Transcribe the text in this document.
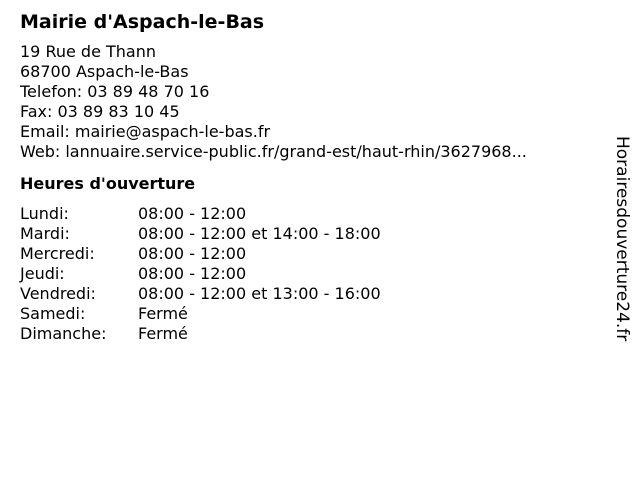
Mairie d'Aspach-le-Bas
19 Rue de Thann
68700 Aspach-le-Bas
Telefon: 03 89 48 70 16
Fax: 03 89 83 10 45
Email: mairie@aspach-le-bas.fr
Web: lannuaire.service-public.fr/grand-est/haut-rhin/3627968...
Heures d'ouverture
Lundi:	08:00 - 12:00
Mardi:	08:00 - 12:00 et 14:00 - 18:00
Mercredi:	08:00 - 12:00
Jeudi:	08:00 - 12:00
Vendredi:	08:00 - 12:00 et 13:00 - 16:00
Samedi:	Fermé
Dimanche:	Fermé	Horairesdouverture24.fr
